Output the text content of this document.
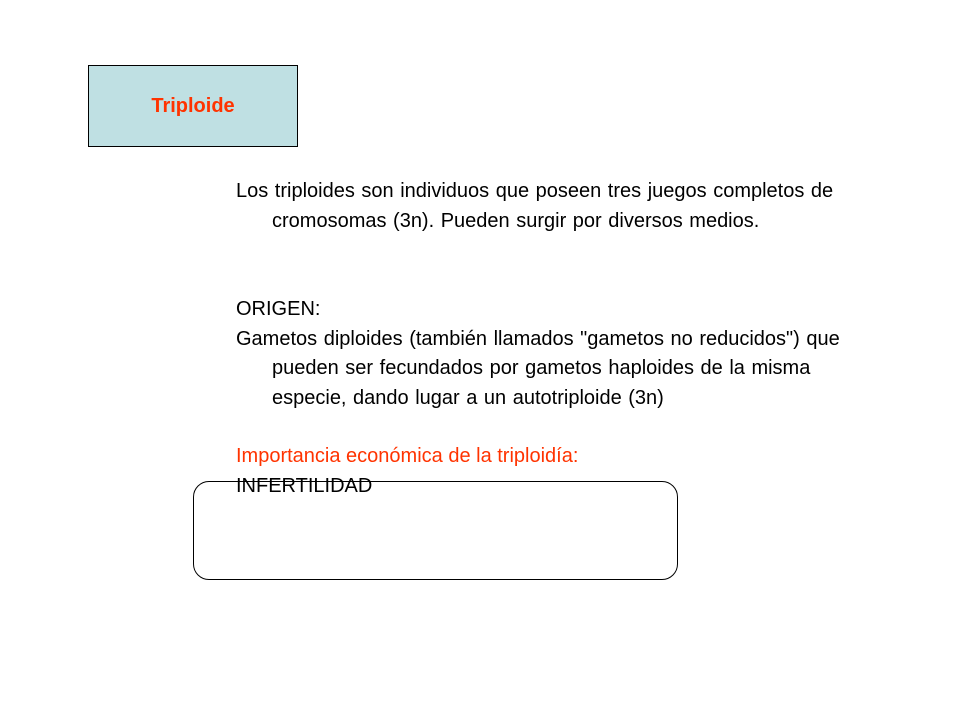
Triploide

Los triploides son individuos que poseen tres juegos completos de cromosomas (3n). Pueden surgir por diversos medios.

ORIGEN:

Gametos diploides (también llamados "gametos no reducidos") que pueden ser fecundados por gametos haploides de la misma especie, dando lugar a un autotriploide (3n)

Importancia económica de la triploidía:

INFERTILIDAD
